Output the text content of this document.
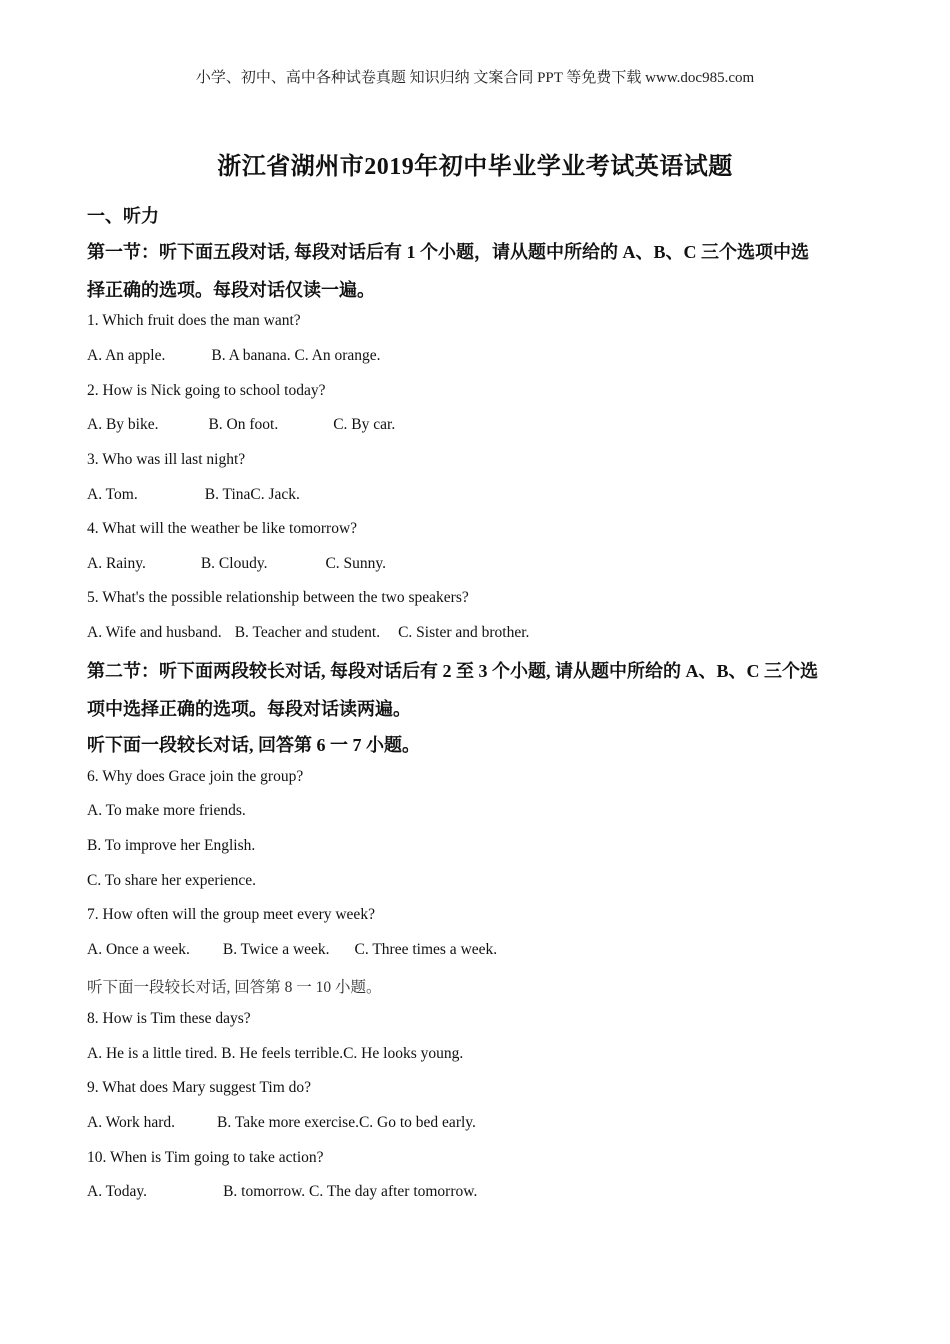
小学、初中、高中各种试卷真题 知识归纳 文案合同 PPT 等免费下载 www.doc985.com
浙江省湖州市2019年初中毕业学业考试英语试题
一、听力
第一节：听下面五段对话, 每段对话后有 1 个小题，请从题中所给的 A、B、C 三个选项中选
择正确的选项。每段对话仅读一遍。
1. Which fruit does the man want?
A. An apple.	B. A banana. C. An orange.
2. How is Nick going to school today?
A. By bike.	B. On foot.	C. By car.
3. Who was ill last night?
A. Tom.	B. TinaC. Jack.
4. What will the weather be like tomorrow?
A. Rainy.	B. Cloudy.	C. Sunny.
5. What's the possible relationship between the two speakers?
A. Wife and husband. B. Teacher and student. C. Sister and brother.
第二节：听下面两段较长对话, 每段对话后有 2 至 3 个小题, 请从题中所给的 A、B、C 三个选
项中选择正确的选项。每段对话读两遍。
听下面一段较长对话, 回答第 6 一 7 小题。
6. Why does Grace join the group?
A. To make more friends.
B. To improve her English.
C. To share her experience.
7. How often will the group meet every week?
A. Once a week. B. Twice a week. C. Three times a week.
听下面一段较长对话, 回答第 8 一 10 小题。
8. How is Tim these days?
A. He is a little tired. B. He feels terrible.C. He looks young.
9. What does Mary suggest Tim do?
A. Work hard.	B. Take more exercise.C. Go to bed early.
10. When is Tim going to take action?
A. Today.	B. tomorrow. C. The day after tomorrow.
